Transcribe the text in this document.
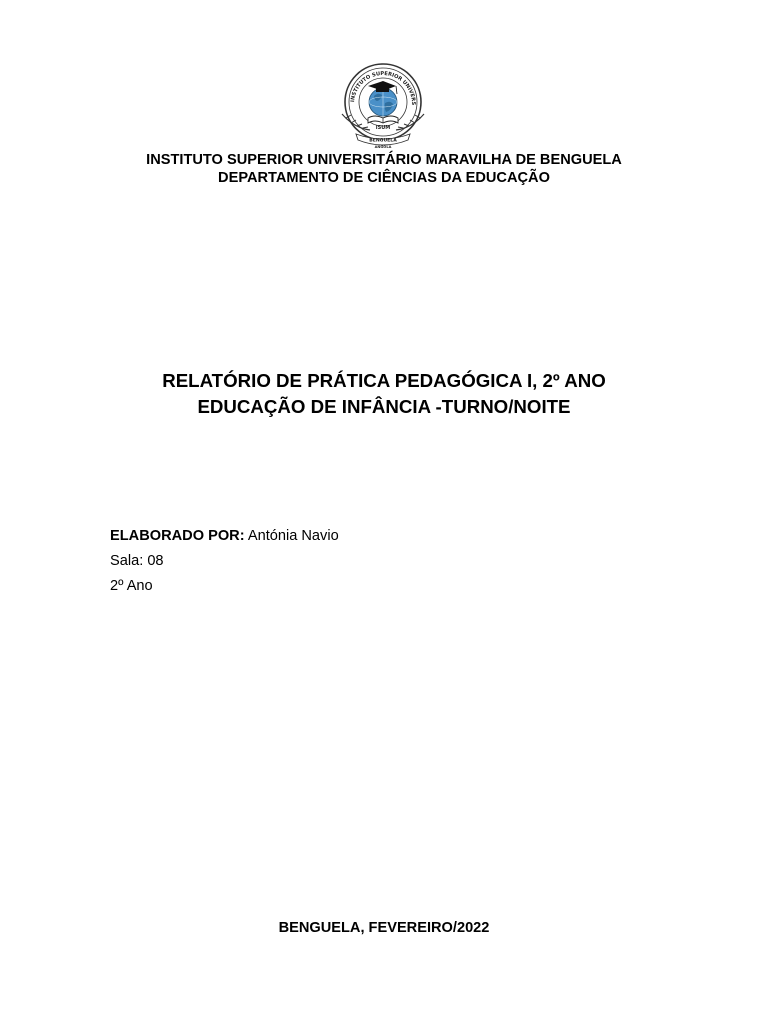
INSTITUTO SUPERIOR UNIVERS
ISUM
BENGUELA
ANGOLA
INSTITUTO SUPERIOR UNIVERSITÁRIO MARAVILHA DE BENGUELA
DEPARTAMENTO DE CIÊNCIAS DA EDUCAÇÃO
RELATÓRIO DE PRÁTICA PEDAGÓGICA I, 2º ANO
EDUCAÇÃO DE INFÂNCIA -TURNO/NOITE
ELABORADO POR: Antónia Navio
Sala: 08
2º Ano
BENGUELA, FEVEREIRO/2022
